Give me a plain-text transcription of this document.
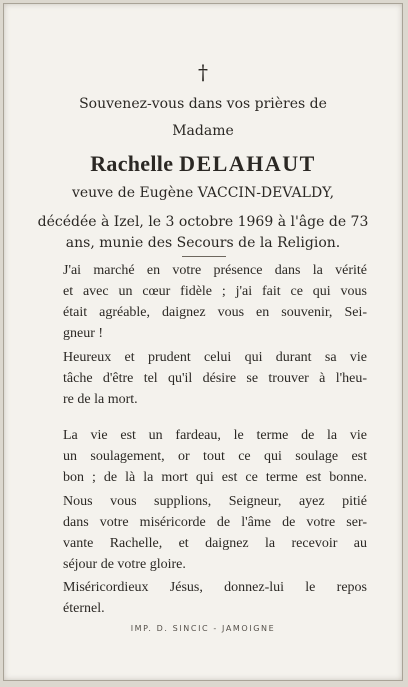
†
Souvenez-vous dans vos prières de
Madame
Rachelle DELAHAUT
veuve de Eugène VACCIN-DEVALDY,
décédée à Izel, le 3 octobre 1969 à l'âge de 73
ans, munie des Secours de la Religion.
J'ai marché en votre présence dans la vérité
et avec un cœur fidèle ; j'ai fait ce qui vous
était agréable, daignez vous en souvenir, Sei-
gneur !
Heureux et prudent celui qui durant sa vie
tâche d'être tel qu'il désire se trouver à l'heu-
re de la mort.
La vie est un fardeau, le terme de la vie
un soulagement, or tout ce qui soulage est
bon ; de là la mort qui est ce terme est bonne.
Nous vous supplions, Seigneur, ayez pitié
dans votre miséricorde de l'âme de votre ser-
vante Rachelle, et daignez la recevoir au
séjour de votre gloire.
Miséricordieux Jésus, donnez-lui le repos
éternel.
IMP. D. SINCIC - JAMOIGNE
